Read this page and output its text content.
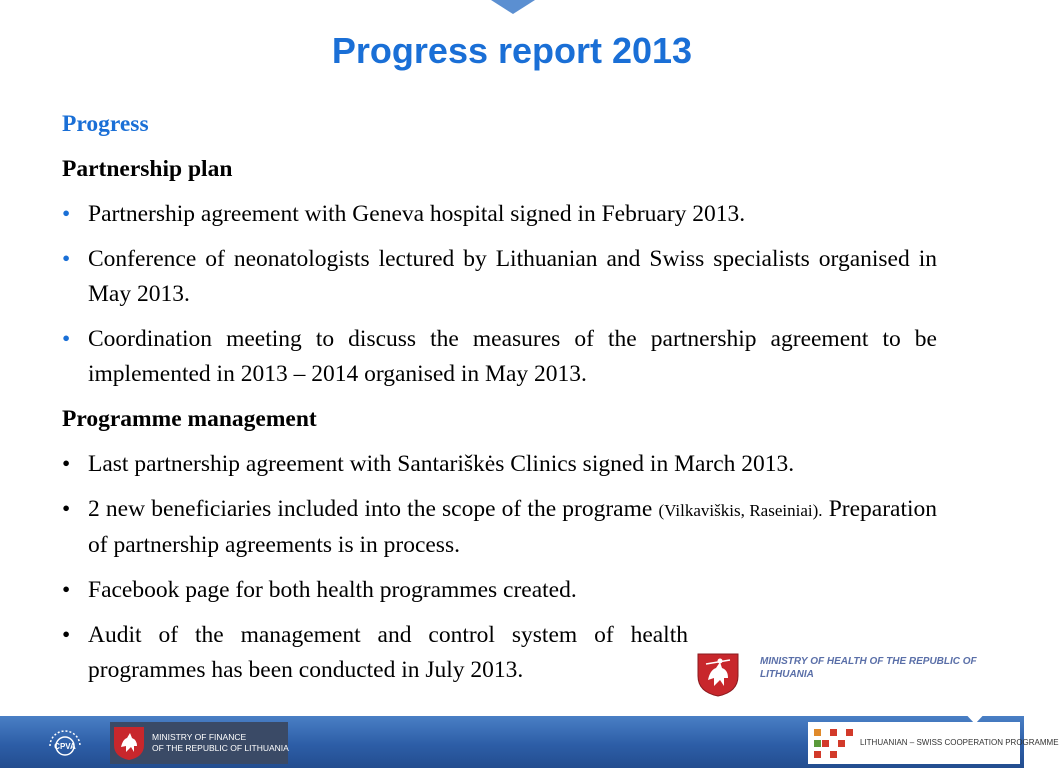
Progress report 2013
Progress
Partnership plan
• Partnership agreement with Geneva hospital signed in February 2013.
• Conference of neonatologists lectured by Lithuanian and Swiss specialists organised in May 2013.
• Coordination meeting to discuss the measures of the partnership agreement to be implemented in 2013 – 2014 organised in May 2013.
Programme management
• Last partnership agreement with Santariškės Clinics signed in March 2013.
• 2 new beneficiaries included into the scope of the programe (Vilkaviškis, Raseiniai). Preparation of partnership agreements is in process.
• Facebook page for both health programmes created.
• Audit of the management and control system of health programmes has been conducted in July 2013.	MINISTRY OF HEALTH OF THE REPUBLIC OF LITHUANIA
CPVA
MINISTRY OF FINANCE
OF THE REPUBLIC OF LITHUANIA
LITHUANIAN – SWISS COOPERATION PROGRAMME
